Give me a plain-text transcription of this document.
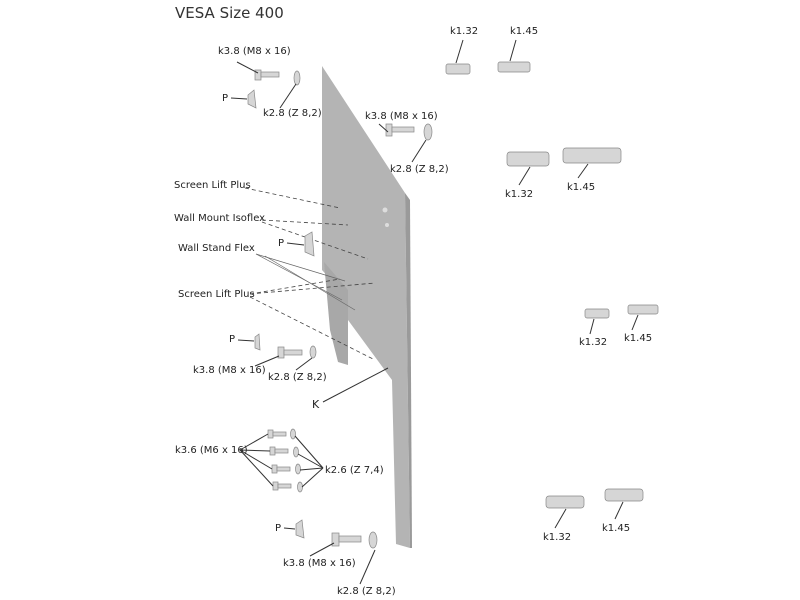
VESA Size 400
k3.8 (M8 x 16)
k2.8 (Z 8,2)
P
k3.8 (M8 x 16)
k2.8 (Z 8,2)
Screen Lift Plus
Wall Mount Isoflex
Wall Stand Flex
Screen Lift Plus
P
P
k3.8 (M8 x 16)
k2.8 (Z 8,2)
K
k3.6 (M6 x 16)
k2.6 (Z 7,4)
P
k3.8 (M8 x 16)
k2.8 (Z 8,2)
k1.32	k1.45
k1.32
k1.45
k1.32 k1.45
k1.32
k1.45
